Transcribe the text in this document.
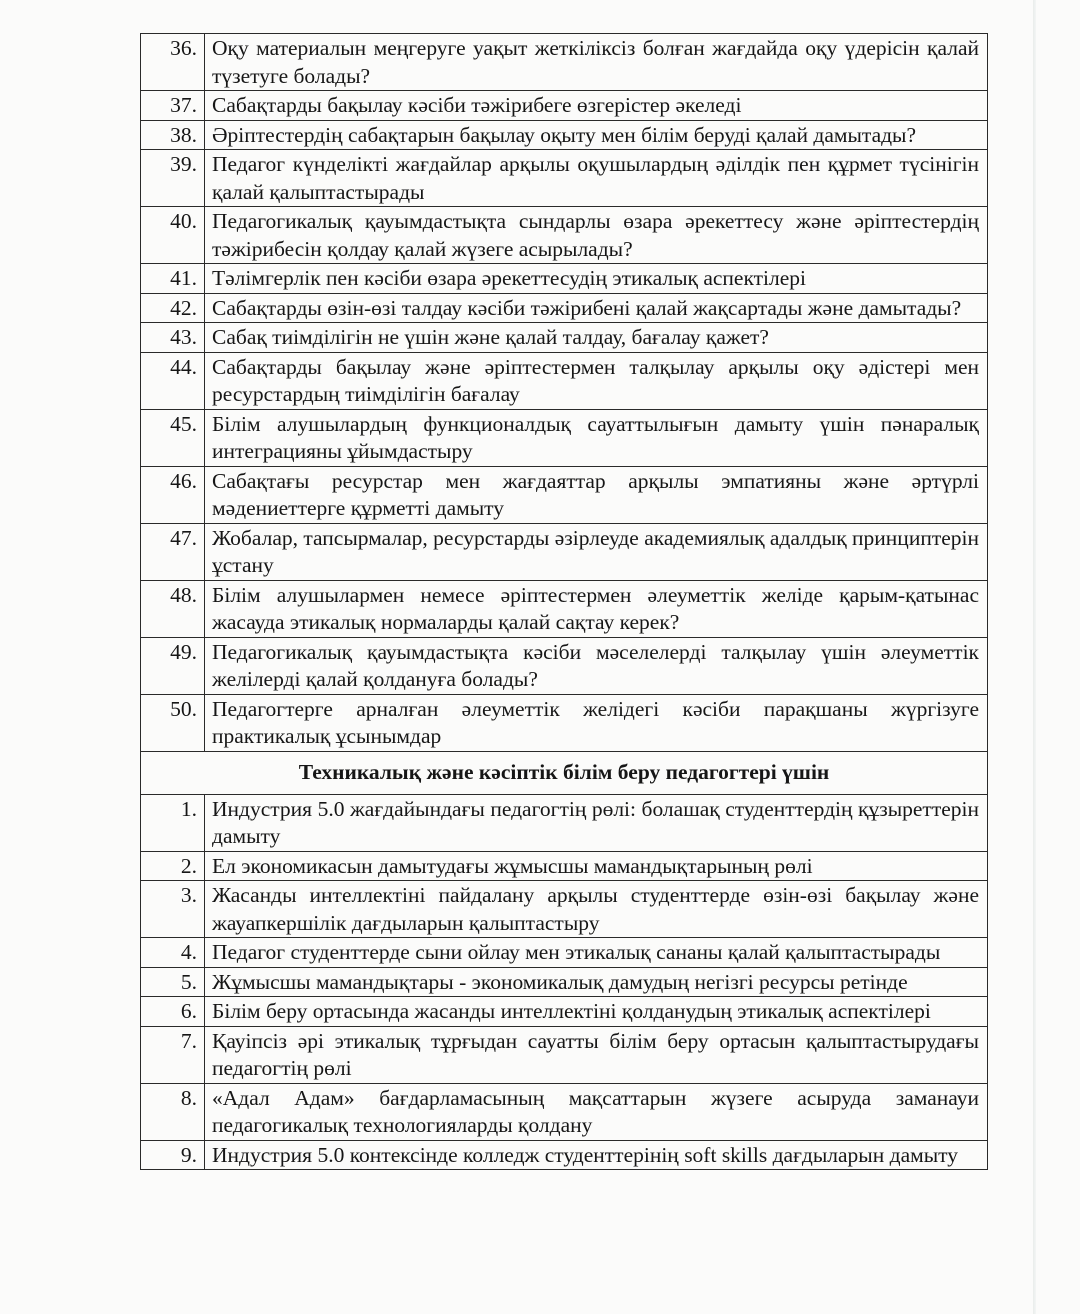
36.	Оқу материалын меңгеруге уақыт жеткіліксіз болған жағдайда оқу үдерісін қалай түзетуге болады?
37.	Сабақтарды бақылау кәсіби тәжірибеге өзгерістер әкеледі
38.	Әріптестердің сабақтарын бақылау оқыту мен білім беруді қалай дамытады?
39.	Педагог күнделікті жағдайлар арқылы оқушылардың әділдік пен құрмет түсінігін қалай қалыптастырады
40.	Педагогикалық қауымдастықта сындарлы өзара әрекеттесу және әріптестердің тәжірибесін қолдау қалай жүзеге асырылады?
41.	Тәлімгерлік пен кәсіби өзара әрекеттесудің этикалық аспектілері
42.	Сабақтарды өзін-өзі талдау кәсіби тәжірибені қалай жақсартады және дамытады?
43.	Сабақ тиімділігін не үшін және қалай талдау, бағалау қажет?
44.	Сабақтарды бақылау және әріптестермен талқылау арқылы оқу әдістері мен ресурстардың тиімділігін бағалау
45.	Білім алушылардың функционалдық сауаттылығын дамыту үшін пәнаралық интеграцияны ұйымдастыру
46.	Сабақтағы ресурстар мен жағдаяттар арқылы эмпатияны және әртүрлі мәдениеттерге құрметті дамыту
47.	Жобалар, тапсырмалар, ресурстарды әзірлеуде академиялық адалдық принциптерін ұстану
48.	Білім алушылармен немесе әріптестермен әлеуметтік желіде қарым-қатынас жасауда этикалық нормаларды қалай сақтау керек?
49.	Педагогикалық қауымдастықта кәсіби мәселелерді талқылау үшін әлеуметтік желілерді қалай қолдануға болады?
50.	Педагогтерге арналған әлеуметтік желідегі кәсіби парақшаны жүргізуге практикалық ұсынымдар
Техникалық және кәсіптік білім беру педагогтері үшін	
1.	Индустрия 5.0 жағдайындағы педагогтің рөлі: болашақ студенттердің құзыреттерін дамыту
2.	Ел экономикасын дамытудағы жұмысшы мамандықтарының рөлі
3.	Жасанды интеллектіні пайдалану арқылы студенттерде өзін-өзі бақылау және жауапкершілік дағдыларын қалыптастыру
4.	Педагог студенттерде сыни ойлау мен этикалық сананы қалай қалыптастырады
5.	Жұмысшы мамандықтары - экономикалық дамудың негізгі ресурсы ретінде
6.	Білім беру ортасында жасанды интеллектіні қолданудың этикалық аспектілері
7.	Қауіпсіз әрі этикалық тұрғыдан сауатты білім беру ортасын қалыптастырудағы педагогтің рөлі
8.	«Адал Адам» бағдарламасының мақсаттарын жүзеге асыруда заманауи педагогикалық технологияларды қолдану
9.	Индустрия 5.0 контексінде колледж студенттерінің soft skills дағдыларын дамыту
